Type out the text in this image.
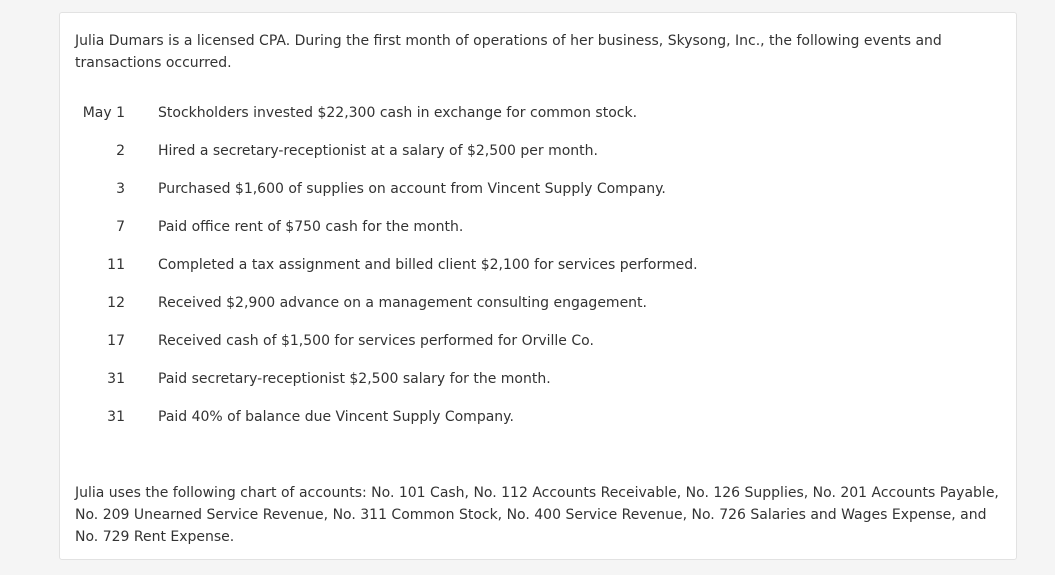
Julia Dumars is a licensed CPA. During the first month of operations of her business, Skysong, Inc., the following events and transactions occurred.

May 1	Stockholders invested $22,300 cash in exchange for common stock.
2	Hired a secretary-receptionist at a salary of $2,500 per month.
3	Purchased $1,600 of supplies on account from Vincent Supply Company.
7	Paid office rent of $750 cash for the month.
11	Completed a tax assignment and billed client $2,100 for services performed.
12	Received $2,900 advance on a management consulting engagement.
17	Received cash of $1,500 for services performed for Orville Co.
31	Paid secretary-receptionist $2,500 salary for the month.
31	Paid 40% of balance due Vincent Supply Company.

Julia uses the following chart of accounts: No. 101 Cash, No. 112 Accounts Receivable, No. 126 Supplies, No. 201 Accounts Payable, No. 209 Unearned Service Revenue, No. 311 Common Stock, No. 400 Service Revenue, No. 726 Salaries and Wages Expense, and No. 729 Rent Expense.
